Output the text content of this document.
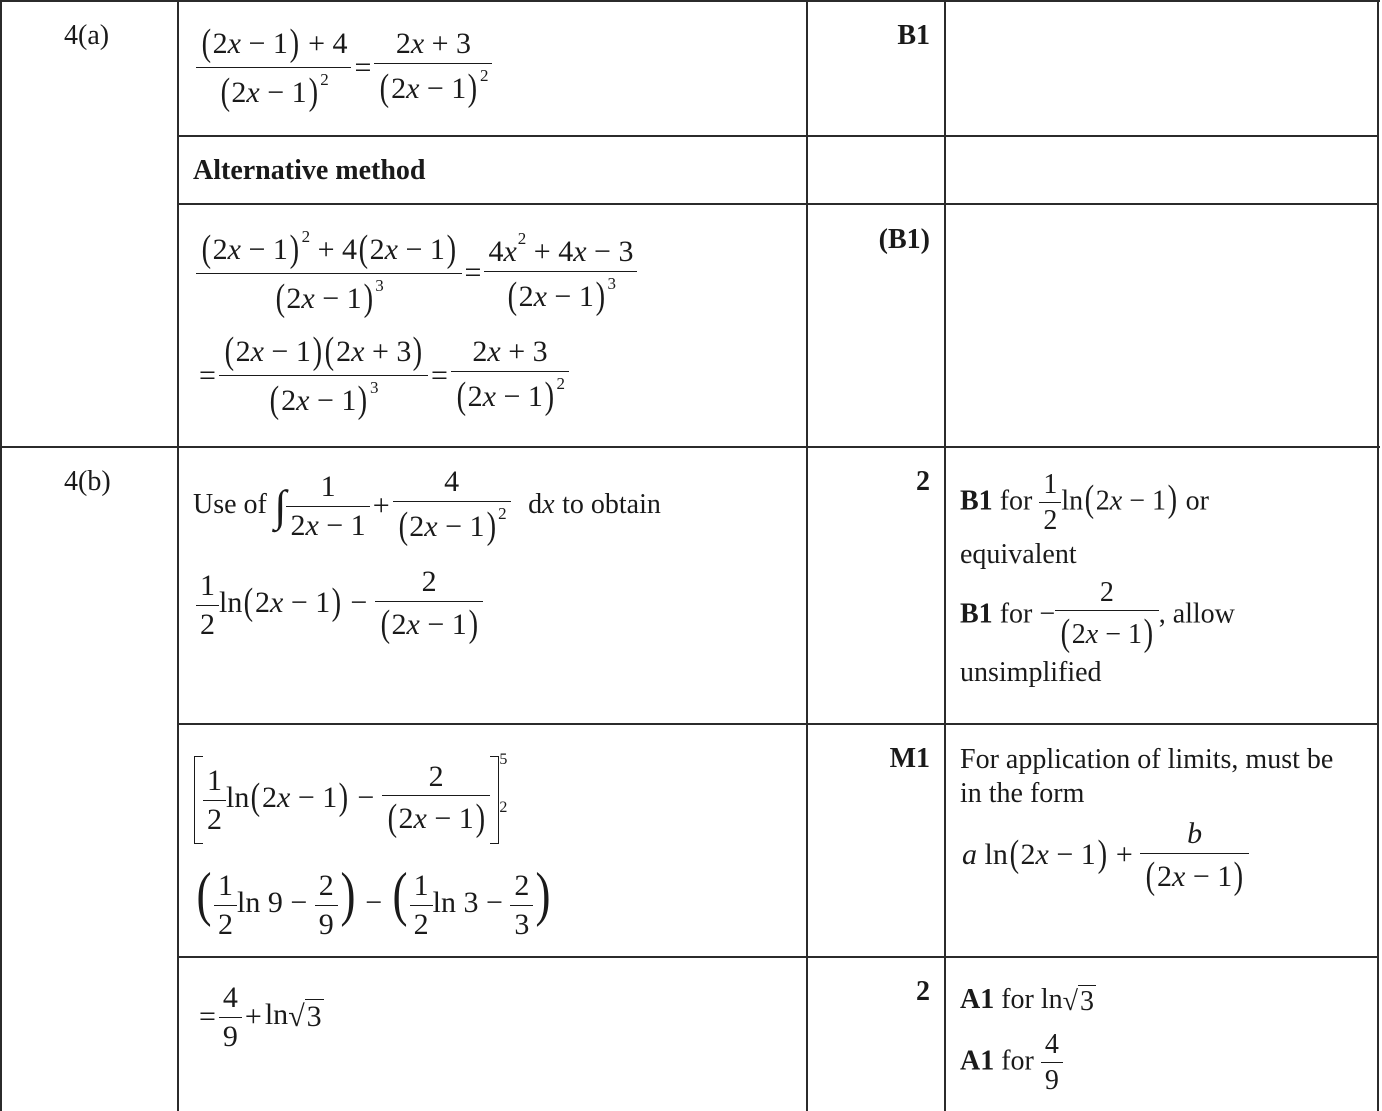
$4(a) \frac{(2x - 1) + 4}{(2x - 1) ^2} = \frac{2x + 3}{(2x - 1) ^2}$	B1
Alternative method
$\frac{(2x - 1) ^2 + 4(2x - 1)}{(2x - 1) ^3} = \frac{4x^2 + 4x - 3}{(2x - 1) ^3}$
= $\frac{(2x - 1)(2x + 3)}{(2x - 1) ^3} = \frac{2x + 3}{(2x - 1) ^2}$
(B1)
4(b)
Use of ∫ $\frac{1}{2x - 1} + \frac{4}{(2x - 1) ^2}$ dx to obtain
$\frac{1}{2} \ln(2x - 1) - \frac{2}{(2x - 1)}$
2
B1 for $\frac{1}{2} \ln(2x - 1)$ or
equivalent
B1 for − $\frac{2}{(2x - 1)}$ , allow
unsimplified
$\frac{1}{2} \ln(2x - 1) - \frac{2}{(2x - 1)}$
5
2
( $\frac{1}{2}$ $\ln 9 - \frac{2}{9}$ ) − ( $\frac{1}{2}$ $\ln 3 - \frac{2}{3}$ )
M1 For application of limits, must be in the form
a $\ln(2x - 1) + \frac{b}{(2x - 1)}$
= $\frac{4}{9} + \ln√3$
2 A1 for ln√3
A1 for $\frac{4}{9}$
